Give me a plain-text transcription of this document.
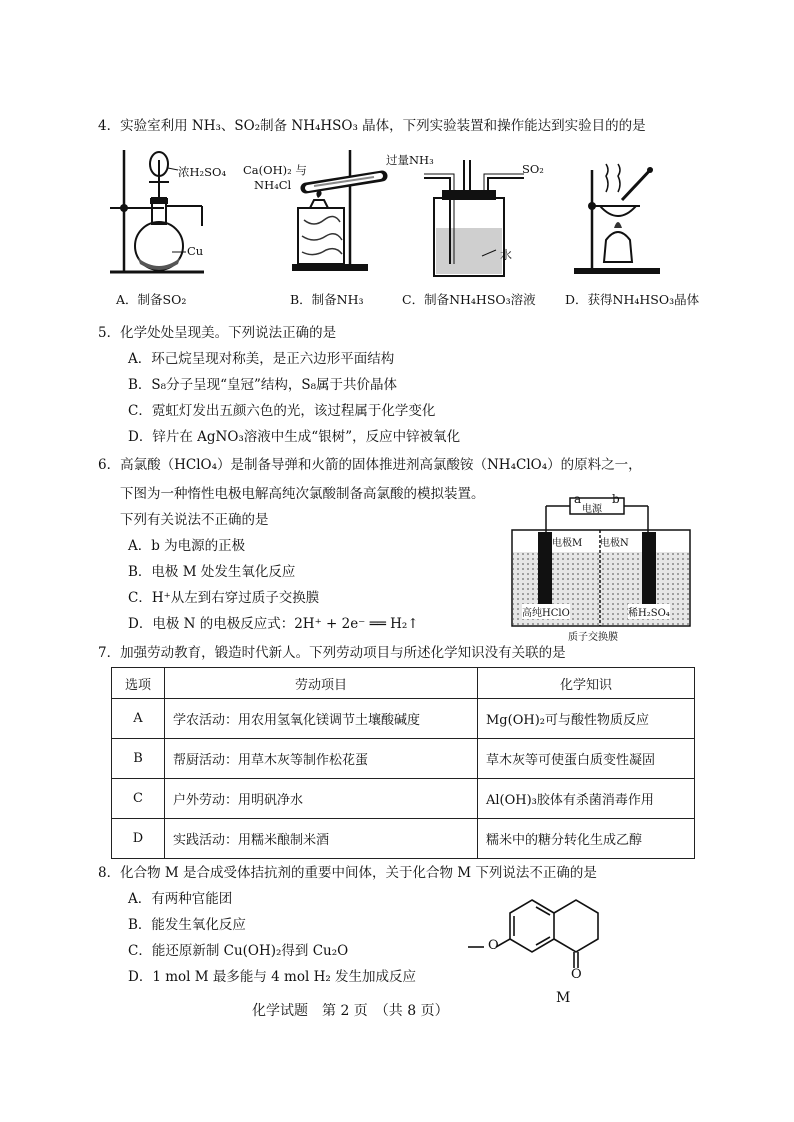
4．实验室利用 NH₃、SO₂制备 NH₄HSO₃ 晶体，下列实验装置和操作能达到实验目的的是
浓H₂SO₄
Cu
Ca(OH)₂ 与
NH₄Cl
过量NH₃
SO₂
水
A．制备SO₂	B．制备NH₃	C．制备NH₄HSO₃溶液 D．获得NH₄HSO₃晶体
5．化学处处呈现美。下列说法正确的是
A．环己烷呈现对称美，是正六边形平面结构
B．S₈分子呈现“皇冠”结构，S₈属于共价晶体
C．霓虹灯发出五颜六色的光，该过程属于化学变化
D．锌片在 AgNO₃溶液中生成“银树”，反应中锌被氧化
6．高氯酸（HClO₄）是制备导弹和火箭的固体推进剂高氯酸铵（NH₄ClO₄）的原料之一，
下图为一种惰性电极电解高纯次氯酸制备高氯酸的模拟装置。
下列有关说法不正确的是
A．b 为电源的正极
B．电极 M 处发生氧化反应
C．H⁺从左到右穿过质子交换膜
D．电极 N 的电极反应式：2H⁺ + 2e⁻ ══ H₂↑
a	b
电源
电极M 电极N
高纯HClO	稀H₂SO₄
质子交换膜
7．加强劳动教育，锻造时代新人。下列劳动项目与所述化学知识没有关联的是
选项	劳动项目	化学知识
A	学农活动：用农用氢氧化镁调节土壤酸碱度	Mg(OH)₂可与酸性物质反应
B	帮厨活动：用草木灰等制作松花蛋	草木灰等可使蛋白质变性凝固
C	户外劳动：用明矾净水	Al(OH)₃胶体有杀菌消毒作用
D	实践活动：用糯米酿制米酒	糯米中的糖分转化生成乙醇
8．化合物 M 是合成受体拮抗剂的重要中间体，关于化合物 M 下列说法不正确的是
A．有两种官能团
B．能发生氧化反应
C．能还原新制 Cu(OH)₂得到 Cu₂O
D．1 mol M 最多能与 4 mol H₂ 发生加成反应
O
O
M
化学试题　第 2 页　（共 8 页）
